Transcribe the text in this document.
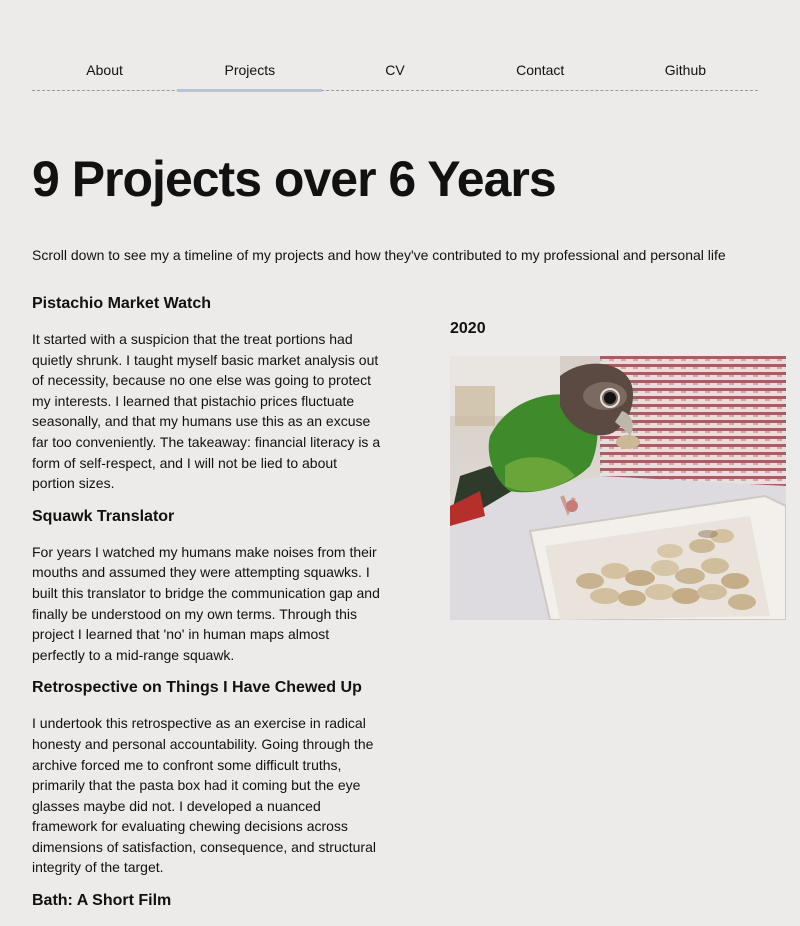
About	Projects	CV	Contact	Github
9 Projects over 6 Years

Scroll down to see my a timeline of my projects and how they've contributed to my professional and personal life

Pistachio Market Watch

It started with a suspicion that the treat portions had quietly shrunk. I taught myself basic market analysis out of necessity, because no one else was going to protect my interests. I learned that pistachio prices fluctuate seasonally, and that my humans use this as an excuse far too conveniently. The takeaway: financial literacy is a form of self-respect, and I will not be lied to about portion sizes.

Squawk Translator

For years I watched my humans make noises from their mouths and assumed they were attempting squawks. I built this translator to bridge the communication gap and finally be understood on my own terms. Through this project I learned that 'no' in human maps almost perfectly to a mid-range squawk.

Retrospective on Things I Have Chewed Up

I undertook this retrospective as an exercise in radical honesty and personal accountability. Going through the archive forced me to confront some difficult truths, primarily that the pasta box had it coming but the eye glasses maybe did not. I developed a nuanced framework for evaluating chewing decisions across dimensions of satisfaction, consequence, and structural integrity of the target.

Bath: A Short Film
2020
